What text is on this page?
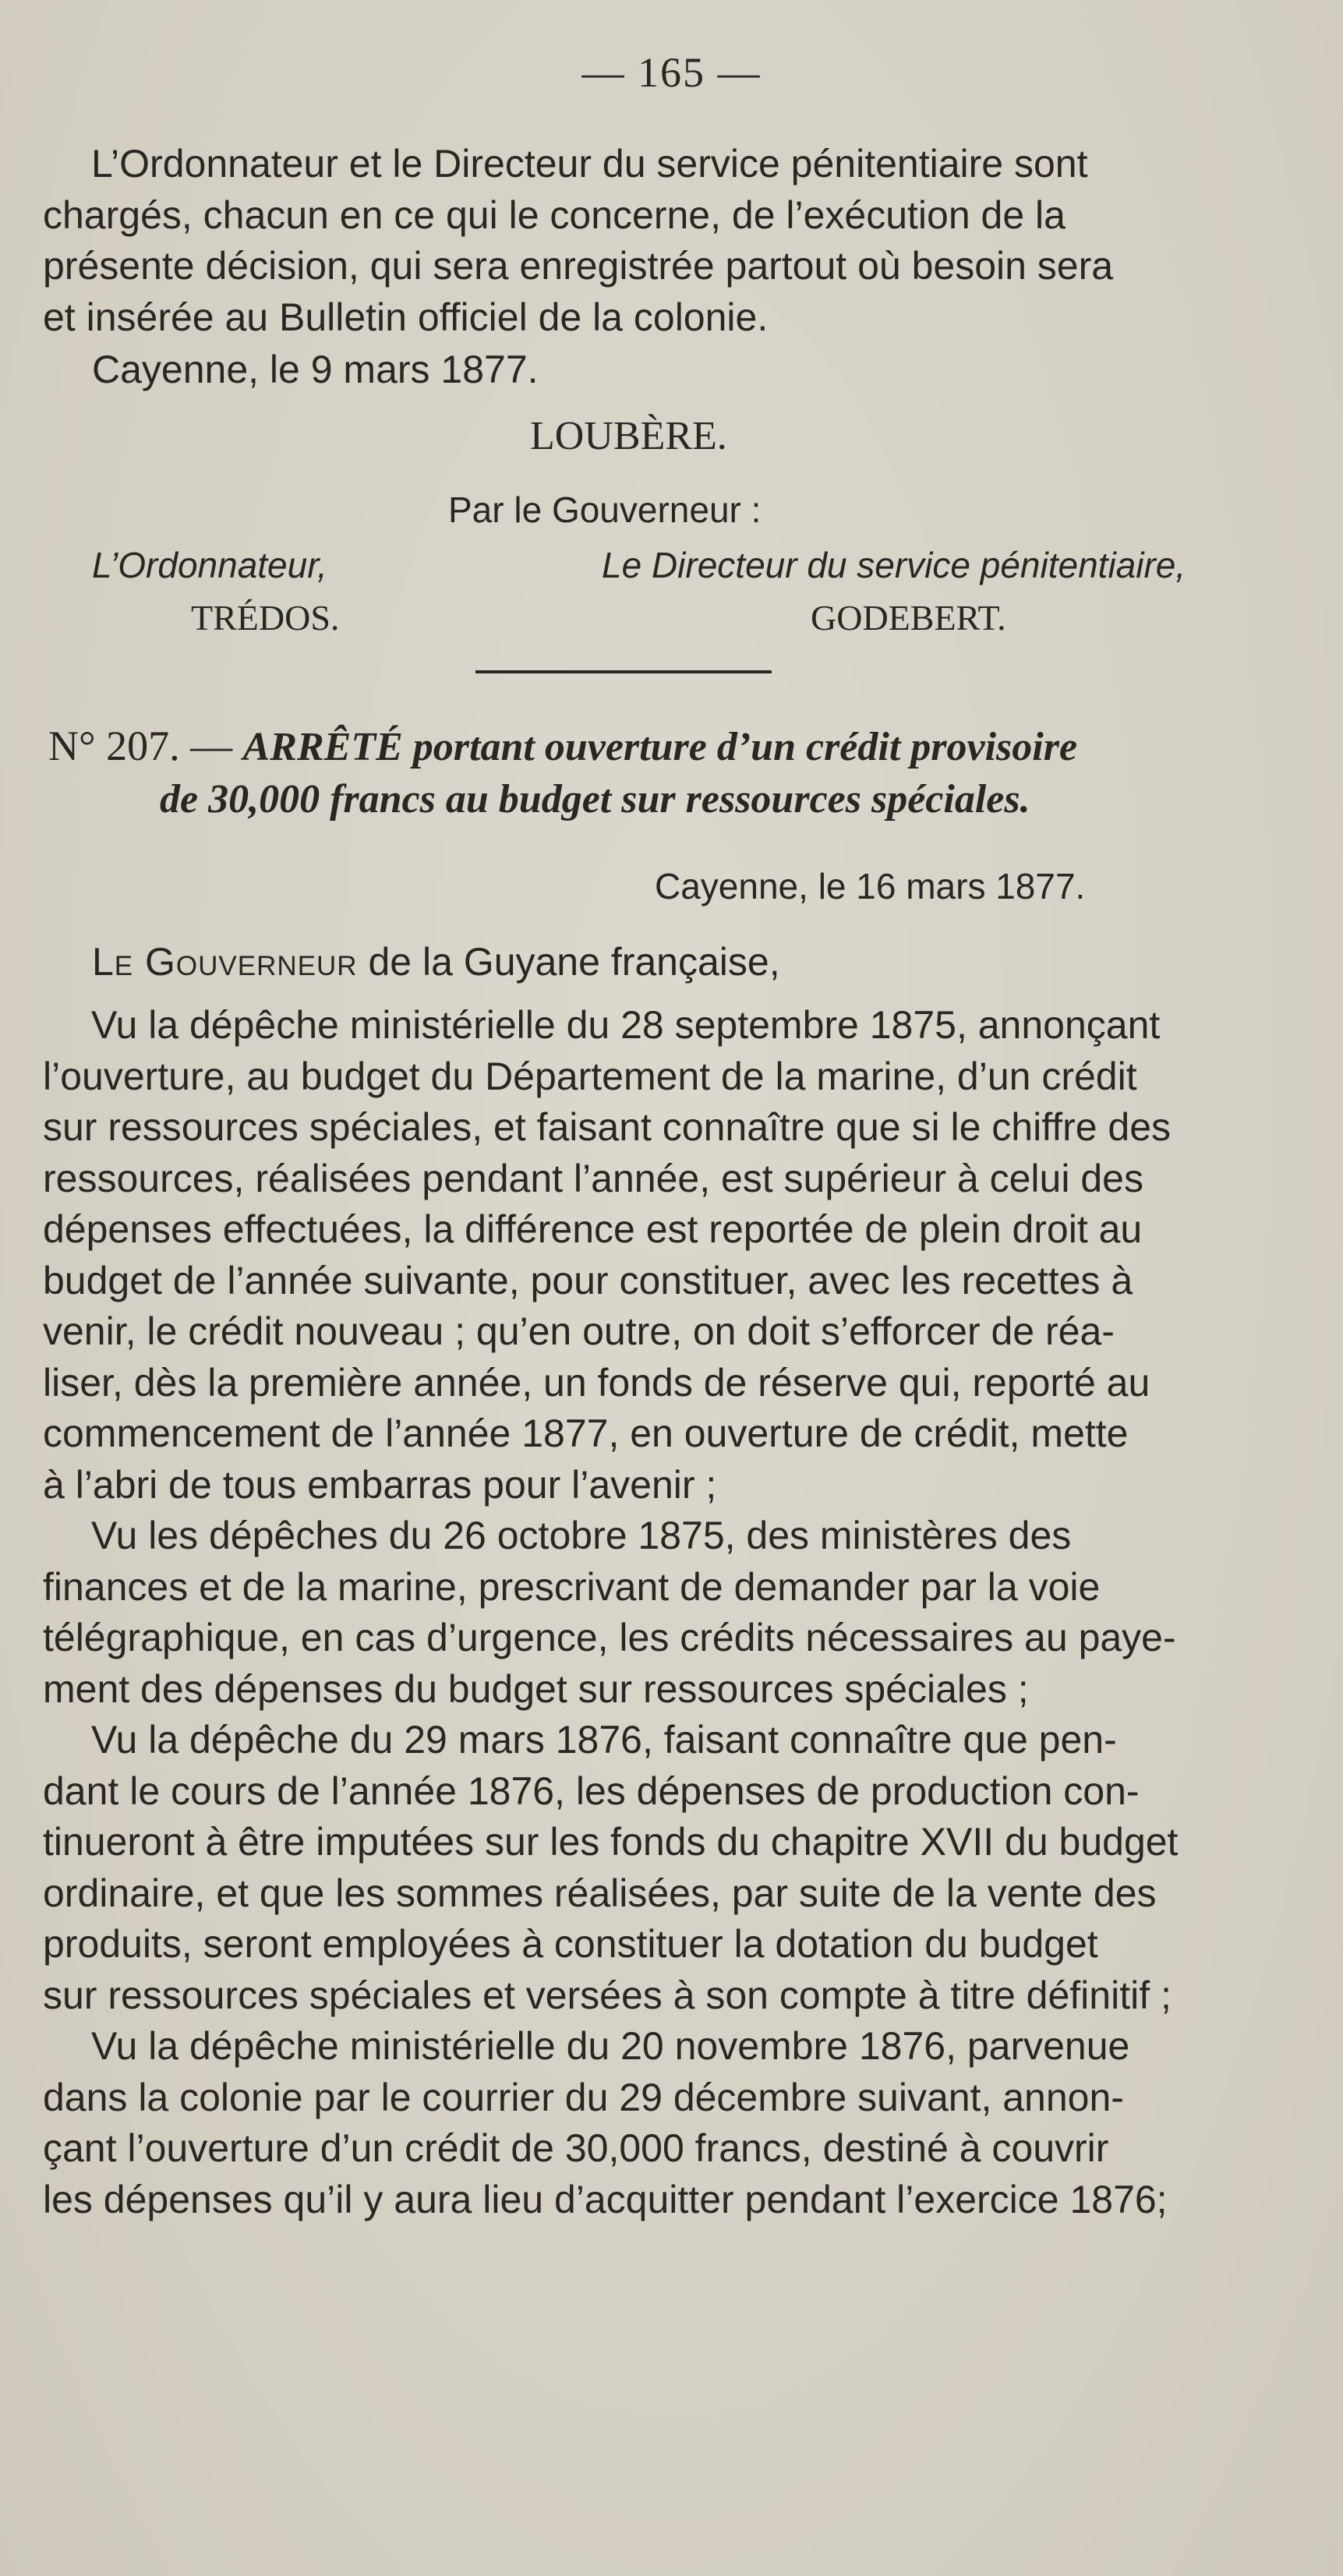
— 165 —
L’Ordonnateur et le Directeur du service pénitentiaire sont
chargés, chacun en ce qui le concerne, de l’exécution de la
présente décision, qui sera enregistrée partout où besoin sera
et insérée au Bulletin officiel de la colonie.
Cayenne, le 9 mars 1877.
LOUBÈRE.
Par le Gouverneur :
L’Ordonnateur,
TRÉDOS.
Le Directeur du service pénitentiaire,
GODEBERT.
N° 207. — ARRÊTÉ portant ouverture d’un crédit provisoire
de 30,000 francs au budget sur ressources spéciales.
Cayenne, le 16 mars 1877.
Le Gouverneur de la Guyane française,
Vu la dépêche ministérielle du 28 septembre 1875, annonçant
l’ouverture, au budget du Département de la marine, d’un crédit
sur ressources spéciales, et faisant connaître que si le chiffre des
ressources, réalisées pendant l’année, est supérieur à celui des
dépenses effectuées, la différence est reportée de plein droit au
budget de l’année suivante, pour constituer, avec les recettes à
venir, le crédit nouveau ; qu’en outre, on doit s’efforcer de réa-
liser, dès la première année, un fonds de réserve qui, reporté au
commencement de l’année 1877, en ouverture de crédit, mette
à l’abri de tous embarras pour l’avenir ;
Vu les dépêches du 26 octobre 1875, des ministères des
finances et de la marine, prescrivant de demander par la voie
télégraphique, en cas d’urgence, les crédits nécessaires au paye-
ment des dépenses du budget sur ressources spéciales ;
Vu la dépêche du 29 mars 1876, faisant connaître que pen-
dant le cours de l’année 1876, les dépenses de production con-
tinueront à être imputées sur les fonds du chapitre XVII du budget
ordinaire, et que les sommes réalisées, par suite de la vente des
produits, seront employées à constituer la dotation du budget
sur ressources spéciales et versées à son compte à titre définitif ;
Vu la dépêche ministérielle du 20 novembre 1876, parvenue
dans la colonie par le courrier du 29 décembre suivant, annon-
çant l’ouverture d’un crédit de 30,000 francs, destiné à couvrir
les dépenses qu’il y aura lieu d’acquitter pendant l’exercice 1876;
